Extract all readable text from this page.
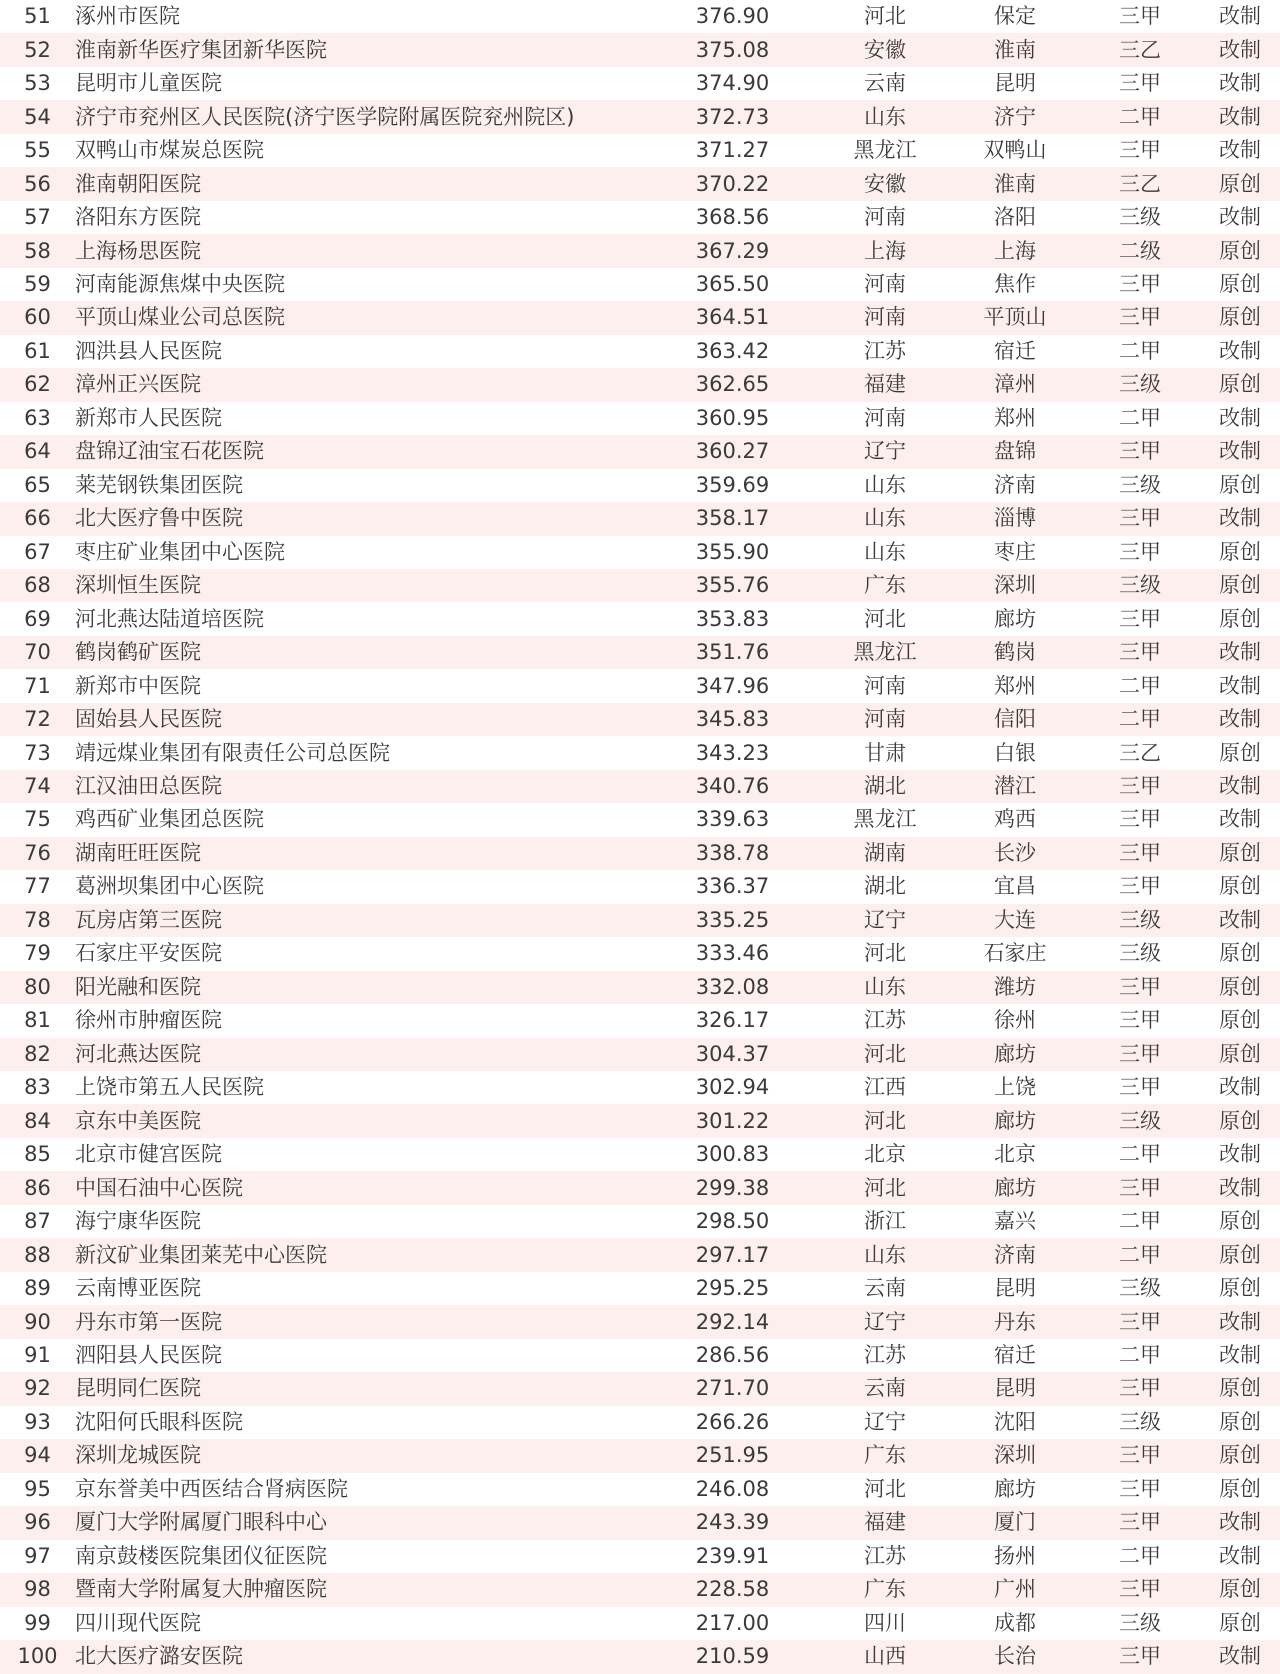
51	涿州市医院	376.90	河北	保定	三甲	改制
52	淮南新华医疗集团新华医院	375.08	安徽	淮南	三乙	改制
53	昆明市儿童医院	374.90	云南	昆明	三甲	改制
54	济宁市兖州区人民医院(济宁医学院附属医院兖州院区)	372.73	山东	济宁	二甲	改制
55	双鸭山市煤炭总医院	371.27	黑龙江	双鸭山	三甲	改制
56	淮南朝阳医院	370.22	安徽	淮南	三乙	原创
57	洛阳东方医院	368.56	河南	洛阳	三级	改制
58	上海杨思医院	367.29	上海	上海	二级	原创
59	河南能源焦煤中央医院	365.50	河南	焦作	三甲	原创
60	平顶山煤业公司总医院	364.51	河南	平顶山	三甲	原创
61	泗洪县人民医院	363.42	江苏	宿迁	二甲	改制
62	漳州正兴医院	362.65	福建	漳州	三级	原创
63	新郑市人民医院	360.95	河南	郑州	二甲	改制
64	盘锦辽油宝石花医院	360.27	辽宁	盘锦	三甲	改制
65	莱芜钢铁集团医院	359.69	山东	济南	三级	原创
66	北大医疗鲁中医院	358.17	山东	淄博	三甲	改制
67	枣庄矿业集团中心医院	355.90	山东	枣庄	三甲	原创
68	深圳恒生医院	355.76	广东	深圳	三级	原创
69	河北燕达陆道培医院	353.83	河北	廊坊	三甲	原创
70	鹤岗鹤矿医院	351.76	黑龙江	鹤岗	三甲	改制
71	新郑市中医院	347.96	河南	郑州	二甲	改制
72	固始县人民医院	345.83	河南	信阳	二甲	改制
73	靖远煤业集团有限责任公司总医院	343.23	甘肃	白银	三乙	原创
74	江汉油田总医院	340.76	湖北	潜江	三甲	改制
75	鸡西矿业集团总医院	339.63	黑龙江	鸡西	三甲	改制
76	湖南旺旺医院	338.78	湖南	长沙	三甲	原创
77	葛洲坝集团中心医院	336.37	湖北	宜昌	三甲	原创
78	瓦房店第三医院	335.25	辽宁	大连	三级	改制
79	石家庄平安医院	333.46	河北	石家庄	三级	原创
80	阳光融和医院	332.08	山东	潍坊	三甲	原创
81	徐州市肿瘤医院	326.17	江苏	徐州	三甲	原创
82	河北燕达医院	304.37	河北	廊坊	三甲	原创
83	上饶市第五人民医院	302.94	江西	上饶	三甲	改制
84	京东中美医院	301.22	河北	廊坊	三级	原创
85	北京市健宫医院	300.83	北京	北京	二甲	改制
86	中国石油中心医院	299.38	河北	廊坊	三甲	改制
87	海宁康华医院	298.50	浙江	嘉兴	二甲	原创
88	新汶矿业集团莱芜中心医院	297.17	山东	济南	二甲	原创
89	云南博亚医院	295.25	云南	昆明	三级	原创
90	丹东市第一医院	292.14	辽宁	丹东	三甲	改制
91	泗阳县人民医院	286.56	江苏	宿迁	二甲	改制
92	昆明同仁医院	271.70	云南	昆明	三甲	原创
93	沈阳何氏眼科医院	266.26	辽宁	沈阳	三级	原创
94	深圳龙城医院	251.95	广东	深圳	三甲	原创
95	京东誉美中西医结合肾病医院	246.08	河北	廊坊	三甲	原创
96	厦门大学附属厦门眼科中心	243.39	福建	厦门	三甲	改制
97	南京鼓楼医院集团仪征医院	239.91	江苏	扬州	二甲	改制
98	暨南大学附属复大肿瘤医院	228.58	广东	广州	三甲	原创
99	四川现代医院	217.00	四川	成都	三级	原创
100	北大医疗潞安医院	210.59	山西	长治	三甲	改制
